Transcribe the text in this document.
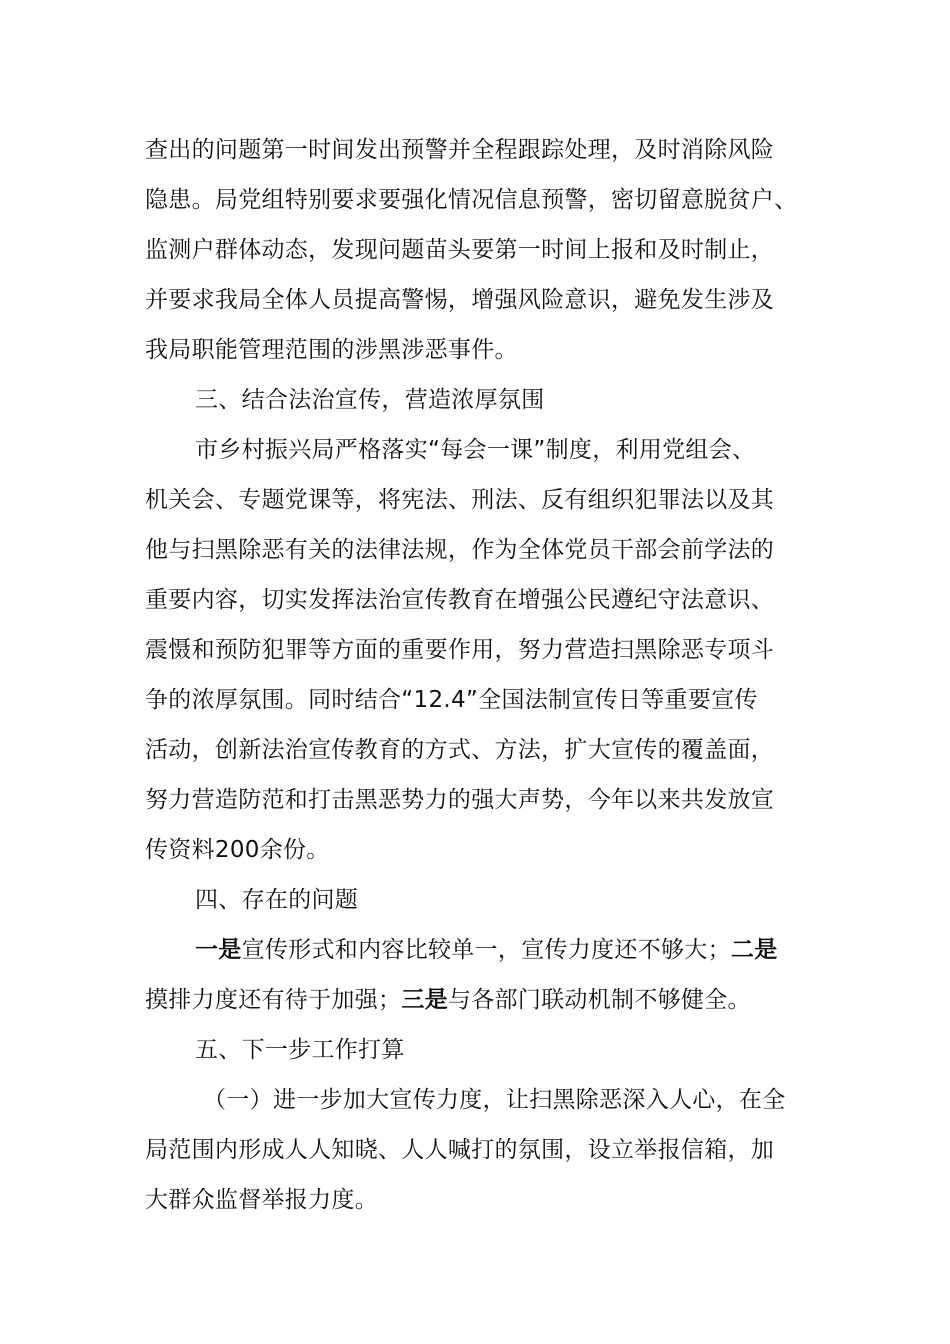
查出的问题第一时间发出预警并全程跟踪处理，及时消除风险
隐患。局党组特别要求要强化情况信息预警，密切留意脱贫户、
监测户群体动态，发现问题苗头要第一时间上报和及时制止，
并要求我局全体人员提高警惕，增强风险意识，避免发生涉及
我局职能管理范围的涉黑涉恶事件。
三、结合法治宣传，营造浓厚氛围
市乡村振兴局严格落实“每会一课”制度，利用党组会、
机关会、专题党课等，将宪法、刑法、反有组织犯罪法以及其
他与扫黑除恶有关的法律法规，作为全体党员干部会前学法的
重要内容，切实发挥法治宣传教育在增强公民遵纪守法意识、
震慑和预防犯罪等方面的重要作用，努力营造扫黑除恶专项斗
争的浓厚氛围。同时结合“12.4”全国法制宣传日等重要宣传
活动，创新法治宣传教育的方式、方法，扩大宣传的覆盖面，
努力营造防范和打击黑恶势力的强大声势，今年以来共发放宣
传资料200余份。
四、存在的问题
一是宣传形式和内容比较单一，宣传力度还不够大；二是
摸排力度还有待于加强；三是与各部门联动机制不够健全。
五、下一步工作打算
（一）进一步加大宣传力度，让扫黑除恶深入人心，在全
局范围内形成人人知晓、人人喊打的氛围，设立举报信箱，加
大群众监督举报力度。
